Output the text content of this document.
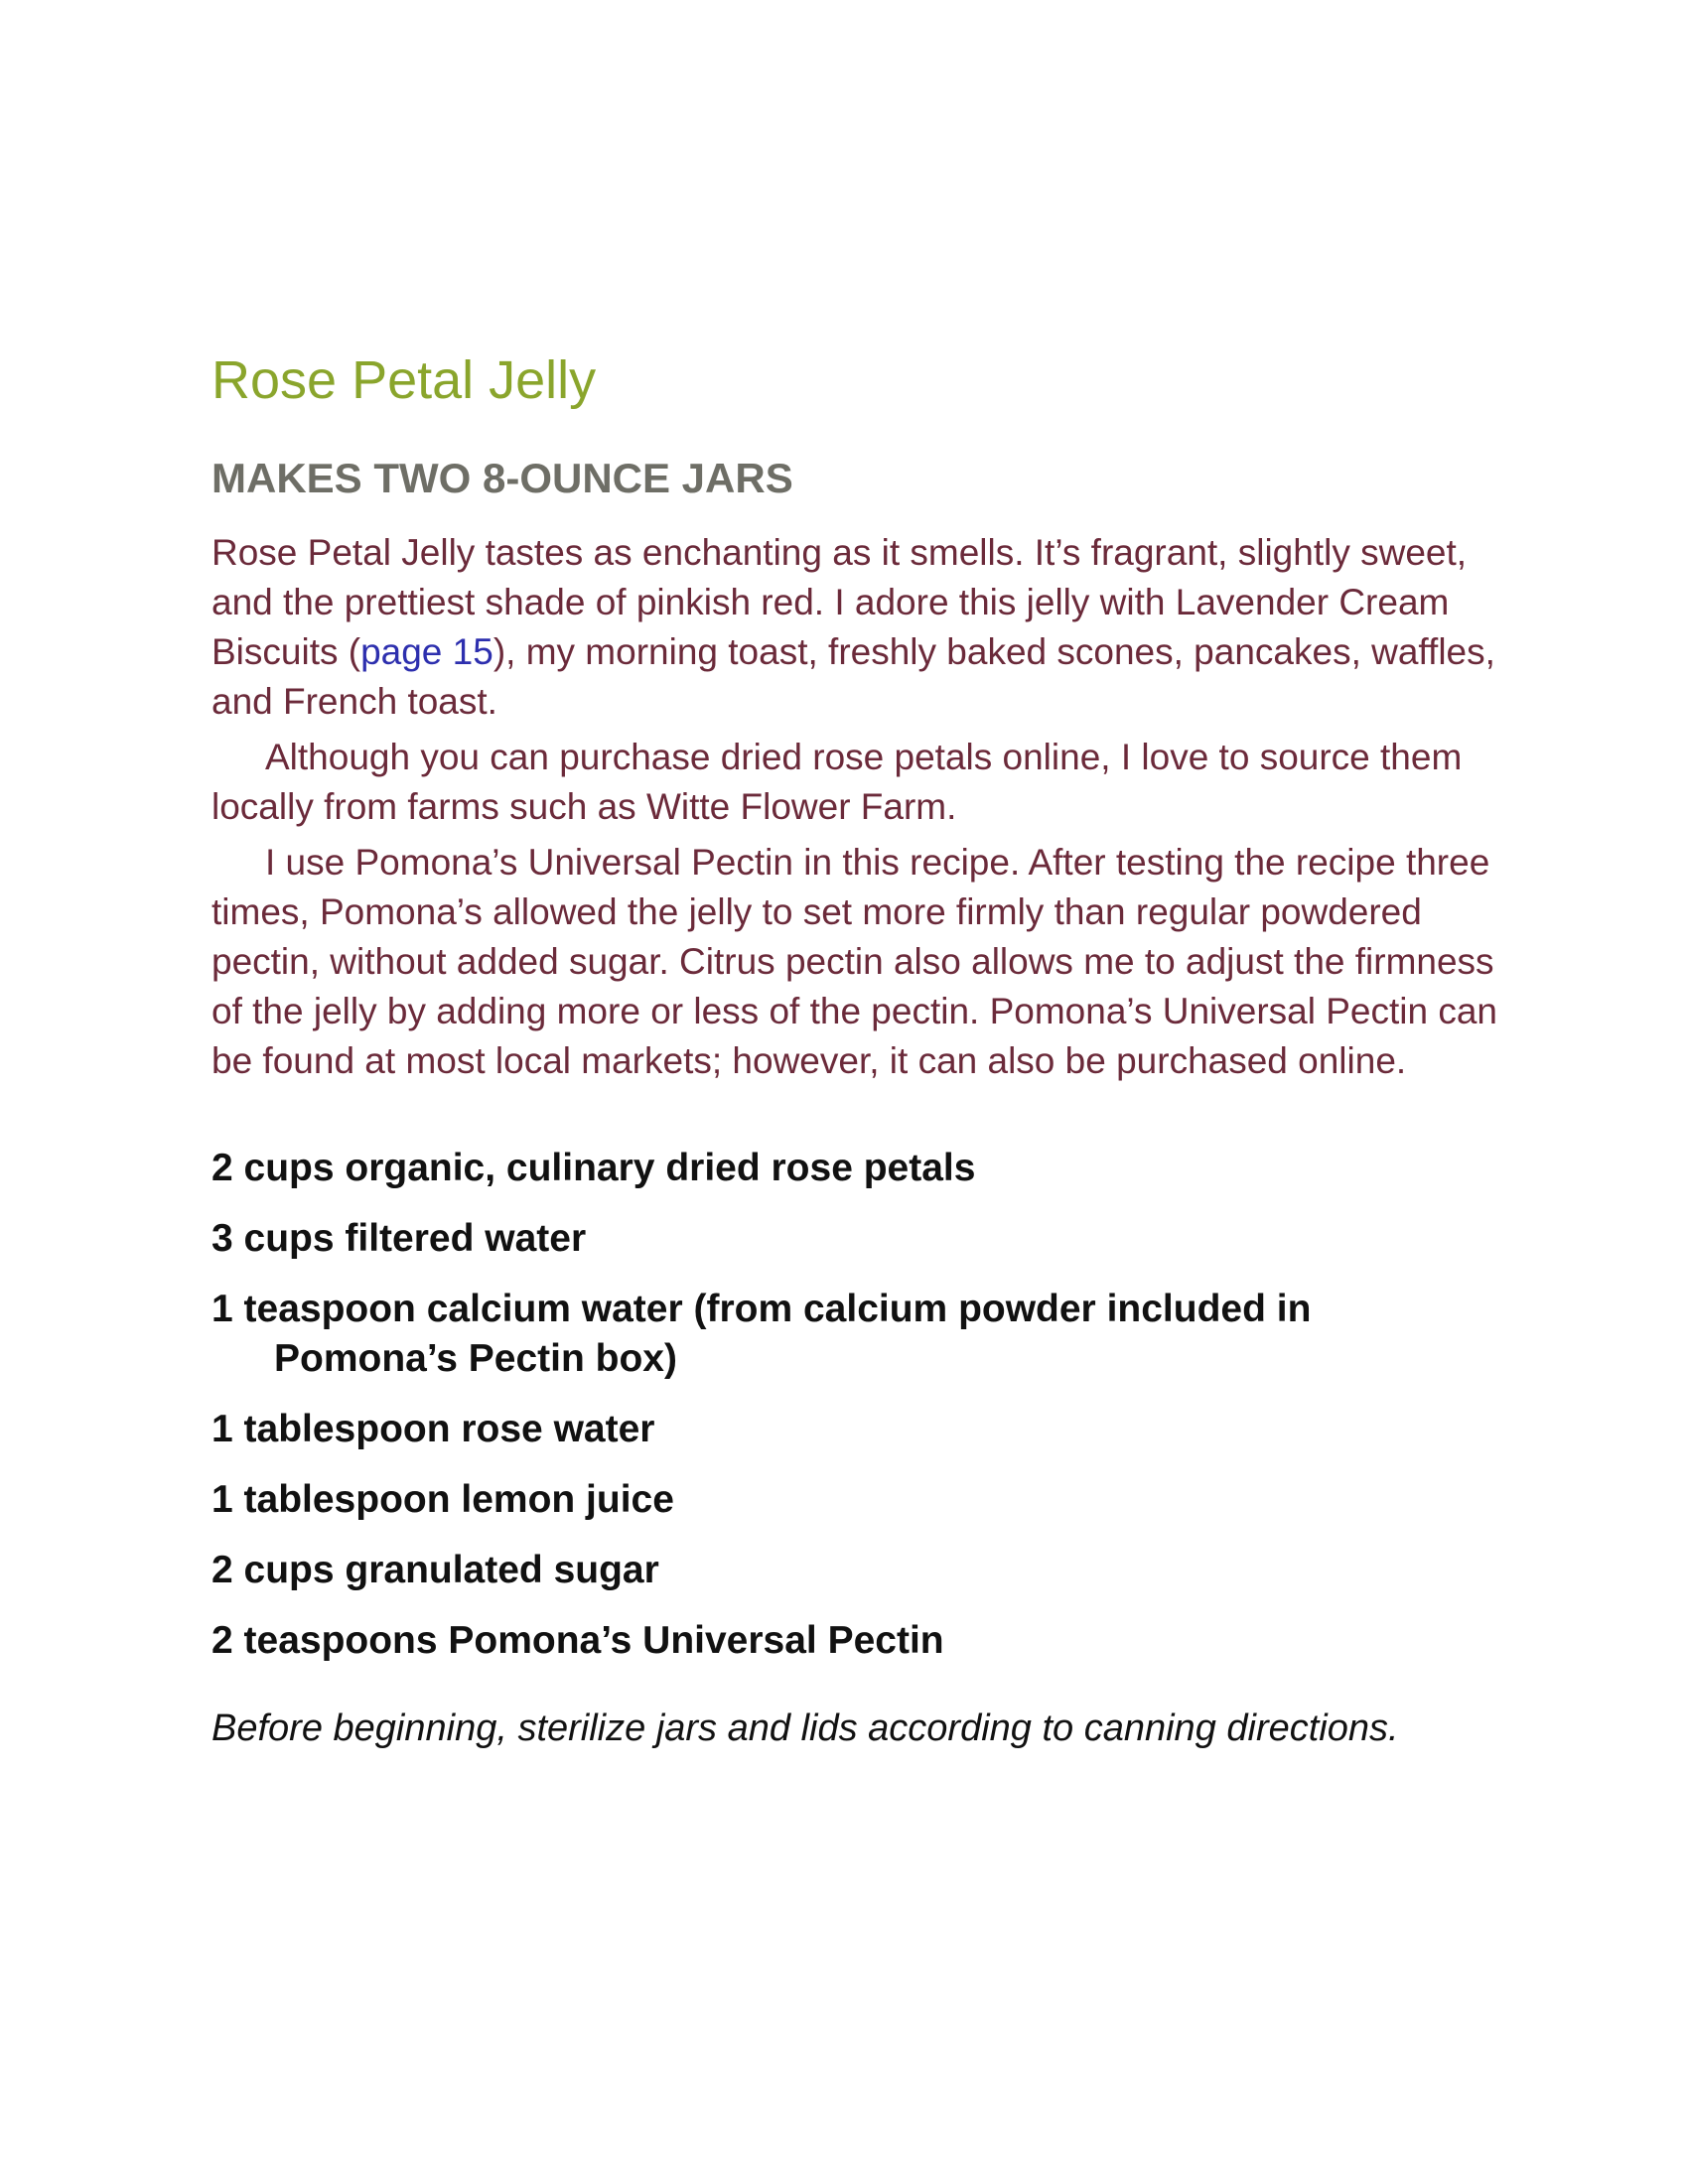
Rose Petal Jelly
MAKES TWO 8-OUNCE JARS

Rose Petal Jelly tastes as enchanting as it smells. It’s fragrant, slightly sweet, and the prettiest shade of pinkish red. I adore this jelly with Lavender Cream Biscuits (page 15), my morning toast, freshly baked scones, pancakes, waffles, and French toast.

Although you can purchase dried rose petals online, I love to source them locally from farms such as Witte Flower Farm.

I use Pomona’s Universal Pectin in this recipe. After testing the recipe three times, Pomona’s allowed the jelly to set more firmly than regular powdered pectin, without added sugar. Citrus pectin also allows me to adjust the firmness of the jelly by adding more or less of the pectin. Pomona’s Universal Pectin can be found at most local markets; however, it can also be purchased online.

2 cups organic, culinary dried rose petals
3 cups filtered water
1 teaspoon calcium water (from calcium powder included in Pomona’s Pectin box)
1 tablespoon rose water
1 tablespoon lemon juice
2 cups granulated sugar
2 teaspoons Pomona’s Universal Pectin

Before beginning, sterilize jars and lids according to canning directions.
